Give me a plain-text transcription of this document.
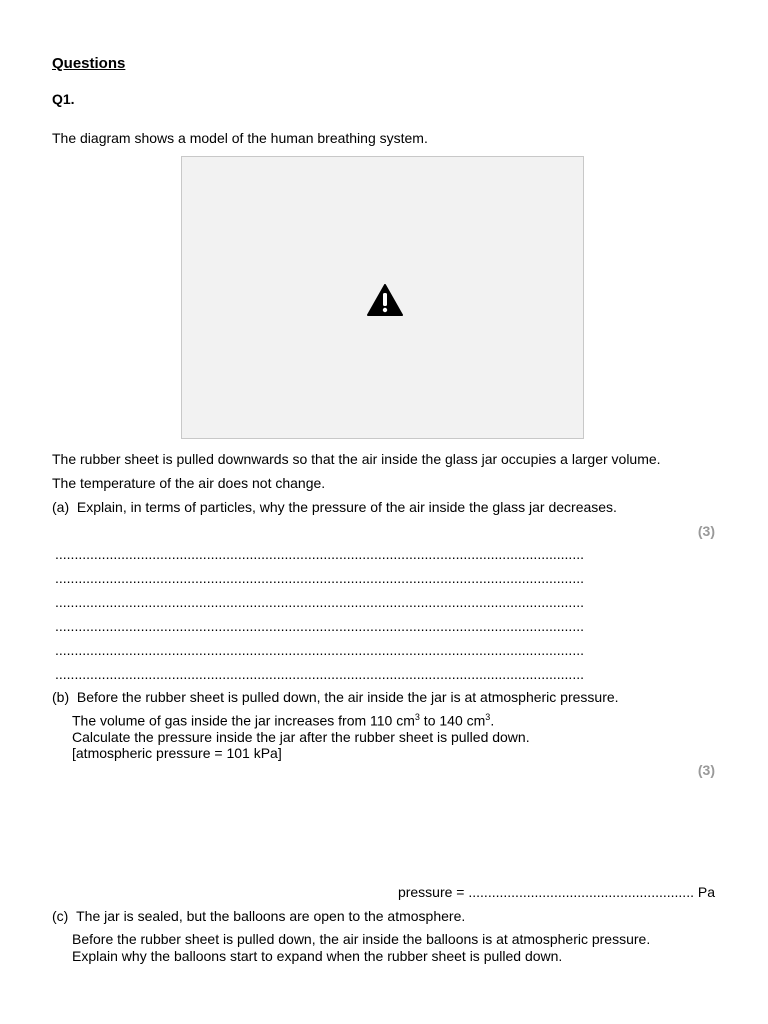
Questions
Q1.
The diagram shows a model of the human breathing system.
The rubber sheet is pulled downwards so that the air inside the glass jar occupies a larger volume.
The temperature of the air does not change.
(a) Explain, in terms of particles, why the pressure of the air inside the glass jar decreases.
(3)
........................................................................................................................................
........................................................................................................................................
........................................................................................................................................
........................................................................................................................................
........................................................................................................................................
........................................................................................................................................
(b) Before the rubber sheet is pulled down, the air inside the jar is at atmospheric pressure.
The volume of gas inside the jar increases from 110 $cm^3$ to 140 $cm^3$.
Calculate the pressure inside the jar after the rubber sheet is pulled down.
[atmospheric pressure = 101 kPa]
(3)
pressure = .......................................................... Pa
(c) The jar is sealed, but the balloons are open to the atmosphere.
Before the rubber sheet is pulled down, the air inside the balloons is at atmospheric pressure.
Explain why the balloons start to expand when the rubber sheet is pulled down.
